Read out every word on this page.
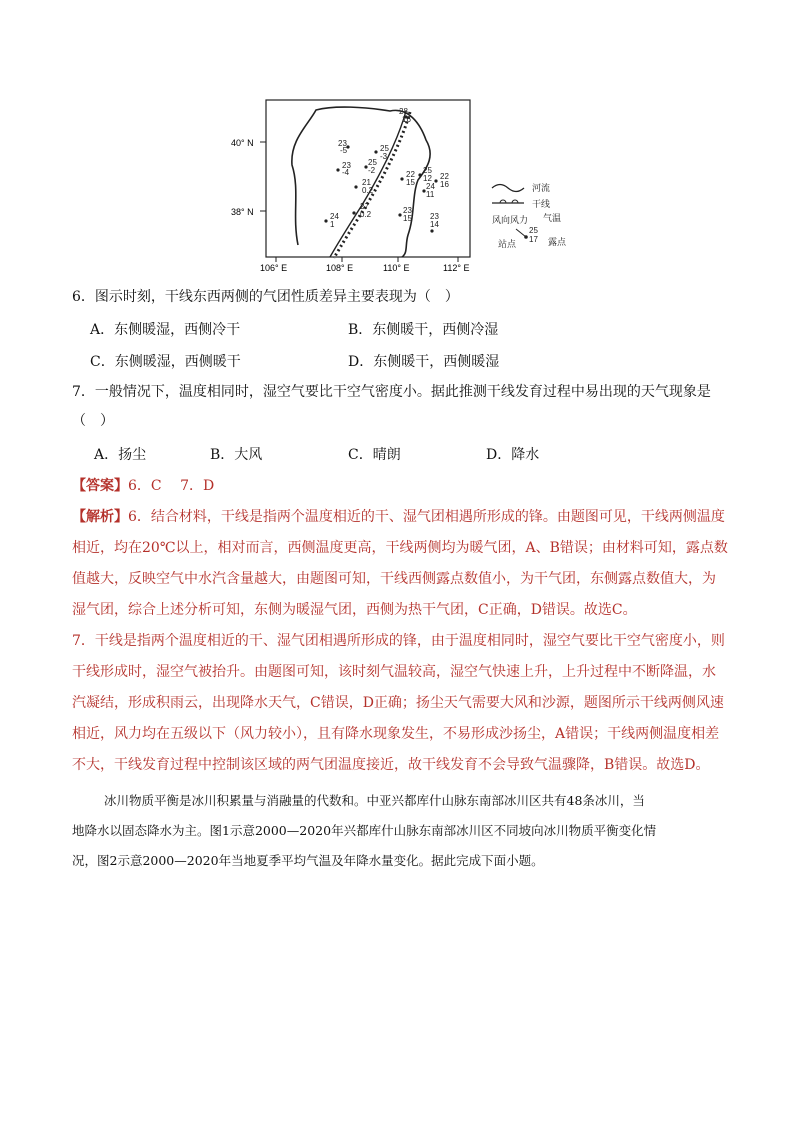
40° N
38° N
106° E	108° E	110° E	112° E
28
16
23
-5	25
-3
23
-4
25
-2
21
0.2
27
0.2
24
1
22
15
25
12 22
16
24
11
23
15 23
14
河流
干线
风向风力 气温
25
17
站点	露点
6．图示时刻，干线东西两侧的气团性质差异主要表现为（　）
A．东侧暖湿，西侧冷干	B．东侧暖干，西侧冷湿
C．东侧暖湿，西侧暖干	D．东侧暖干，西侧暖湿
7．一般情况下，温度相同时，湿空气要比干空气密度小。据此推测干线发育过程中易出现的天气现象是
（　）
A．扬尘	B．大风	C．晴朗	D．降水
【答案】6．C　 7．D
【解析】6．结合材料，干线是指两个温度相近的干、湿气团相遇所形成的锋。由题图可见，干线两侧温度
相近，均在20℃以上，相对而言，西侧温度更高，干线两侧均为暖气团，A、B错误；由材料可知，露点数
值越大，反映空气中水汽含量越大，由题图可知，干线西侧露点数值小，为干气团，东侧露点数值大，为
湿气团，综合上述分析可知，东侧为暖湿气团，西侧为热干气团，C正确，D错误。故选C。
7．干线是指两个温度相近的干、湿气团相遇所形成的锋，由于温度相同时，湿空气要比干空气密度小，则
干线形成时，湿空气被抬升。由题图可知，该时刻气温较高，湿空气快速上升，上升过程中不断降温，水
汽凝结，形成积雨云，出现降水天气，C错误，D正确；扬尘天气需要大风和沙源，题图所示干线两侧风速
相近，风力均在五级以下（风力较小），且有降水现象发生，不易形成沙扬尘，A错误；干线两侧温度相差
不大，干线发育过程中控制该区域的两气团温度接近，故干线发育不会导致气温骤降，B错误。故选D。
冰川物质平衡是冰川积累量与消融量的代数和。中亚兴都库什山脉东南部冰川区共有48条冰川，当
地降水以固态降水为主。图1示意2000—2020年兴都库什山脉东南部冰川区不同坡向冰川物质平衡变化情
况，图2示意2000—2020年当地夏季平均气温及年降水量变化。据此完成下面小题。
